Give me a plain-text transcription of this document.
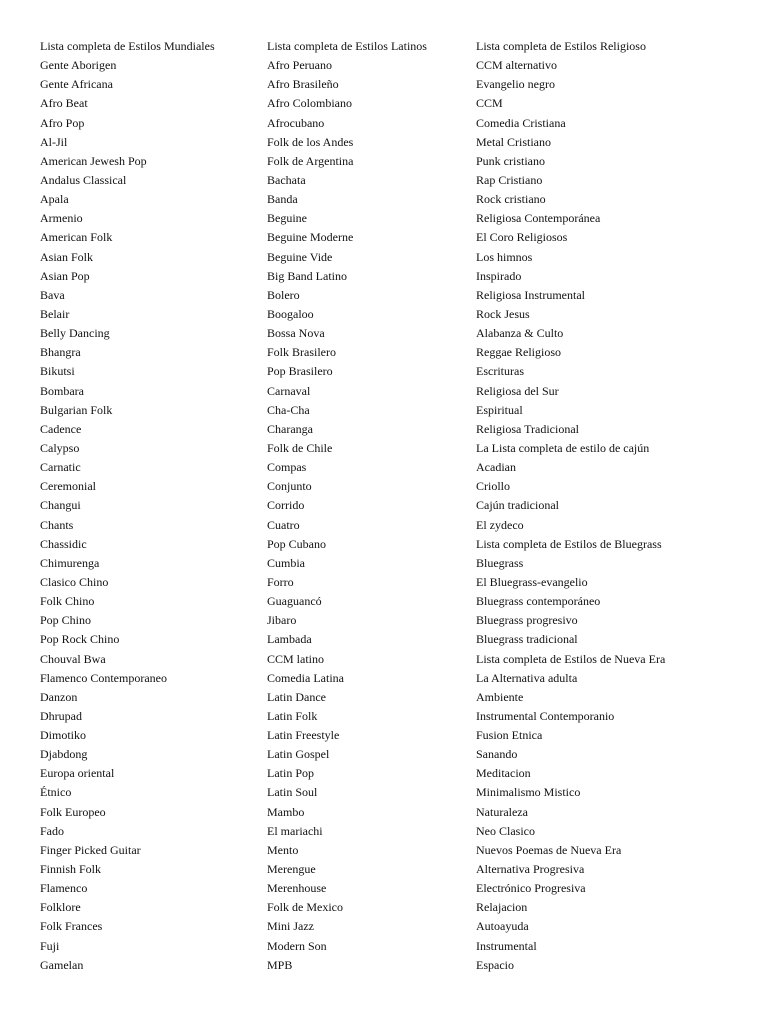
Lista completa de Estilos Mundiales
Gente Aborigen
Gente Africana
Afro Beat
Afro Pop
Al-Jil
American Jewesh Pop
Andalus Classical
Apala
Armenio
American Folk
Asian Folk
Asian Pop
Bava
Belair
Belly Dancing
Bhangra
Bikutsi
Bombara
Bulgarian Folk
Cadence
Calypso
Carnatic
Ceremonial
Changui
Chants
Chassidic
Chimurenga
Clasico Chino
Folk Chino
Pop Chino
Pop Rock Chino
Chouval Bwa
Flamenco Contemporaneo
Danzon
Dhrupad
Dimotiko
Djabdong
Europa oriental
Étnico
Folk Europeo
Fado
Finger Picked Guitar
Finnish Folk
Flamenco
Folklore
Folk Frances
Fuji
Gamelan
Lista completa de Estilos Latinos
Afro Peruano
Afro Brasileño
Afro Colombiano
Afrocubano
Folk de los Andes
Folk de Argentina
Bachata
Banda
Beguine
Beguine Moderne
Beguine Vide
Big Band Latino
Bolero
Boogaloo
Bossa Nova
Folk Brasilero
Pop Brasilero
Carnaval
Cha-Cha
Charanga
Folk de Chile
Compas
Conjunto
Corrido
Cuatro
Pop Cubano
Cumbia
Forro
Guaguancó
Jibaro
Lambada
CCM latino
Comedia Latina
Latin Dance
Latin Folk
Latin Freestyle
Latin Gospel
Latin Pop
Latin Soul
Mambo
El mariachi
Mento
Merengue
Merenhouse
Folk de Mexico
Mini Jazz
Modern Son
MPB
Lista completa de Estilos Religioso
CCM alternativo
Evangelio negro
CCM
Comedia Cristiana
Metal Cristiano
Punk cristiano
Rap Cristiano
Rock cristiano
Religiosa Contemporánea
El Coro Religiosos
Los himnos
Inspirado
Religiosa Instrumental
Rock Jesus
Alabanza & Culto
Reggae Religioso
Escrituras
Religiosa del Sur
Espiritual
Religiosa Tradicional
La Lista completa de estilo de cajún
Acadian
Criollo
Cajún tradicional
El zydeco
Lista completa de Estilos de Bluegrass
Bluegrass
El Bluegrass-evangelio
Bluegrass contemporáneo
Bluegrass progresivo
Bluegrass tradicional
Lista completa de Estilos de Nueva Era
La Alternativa adulta
Ambiente
Instrumental Contemporanio
Fusion Etnica
Sanando
Meditacion
Minimalismo Mistico
Naturaleza
Neo Clasico
Nuevos Poemas de Nueva Era
Alternativa Progresiva
Electrónico Progresiva
Relajacion
Autoayuda
Instrumental
Espacio
